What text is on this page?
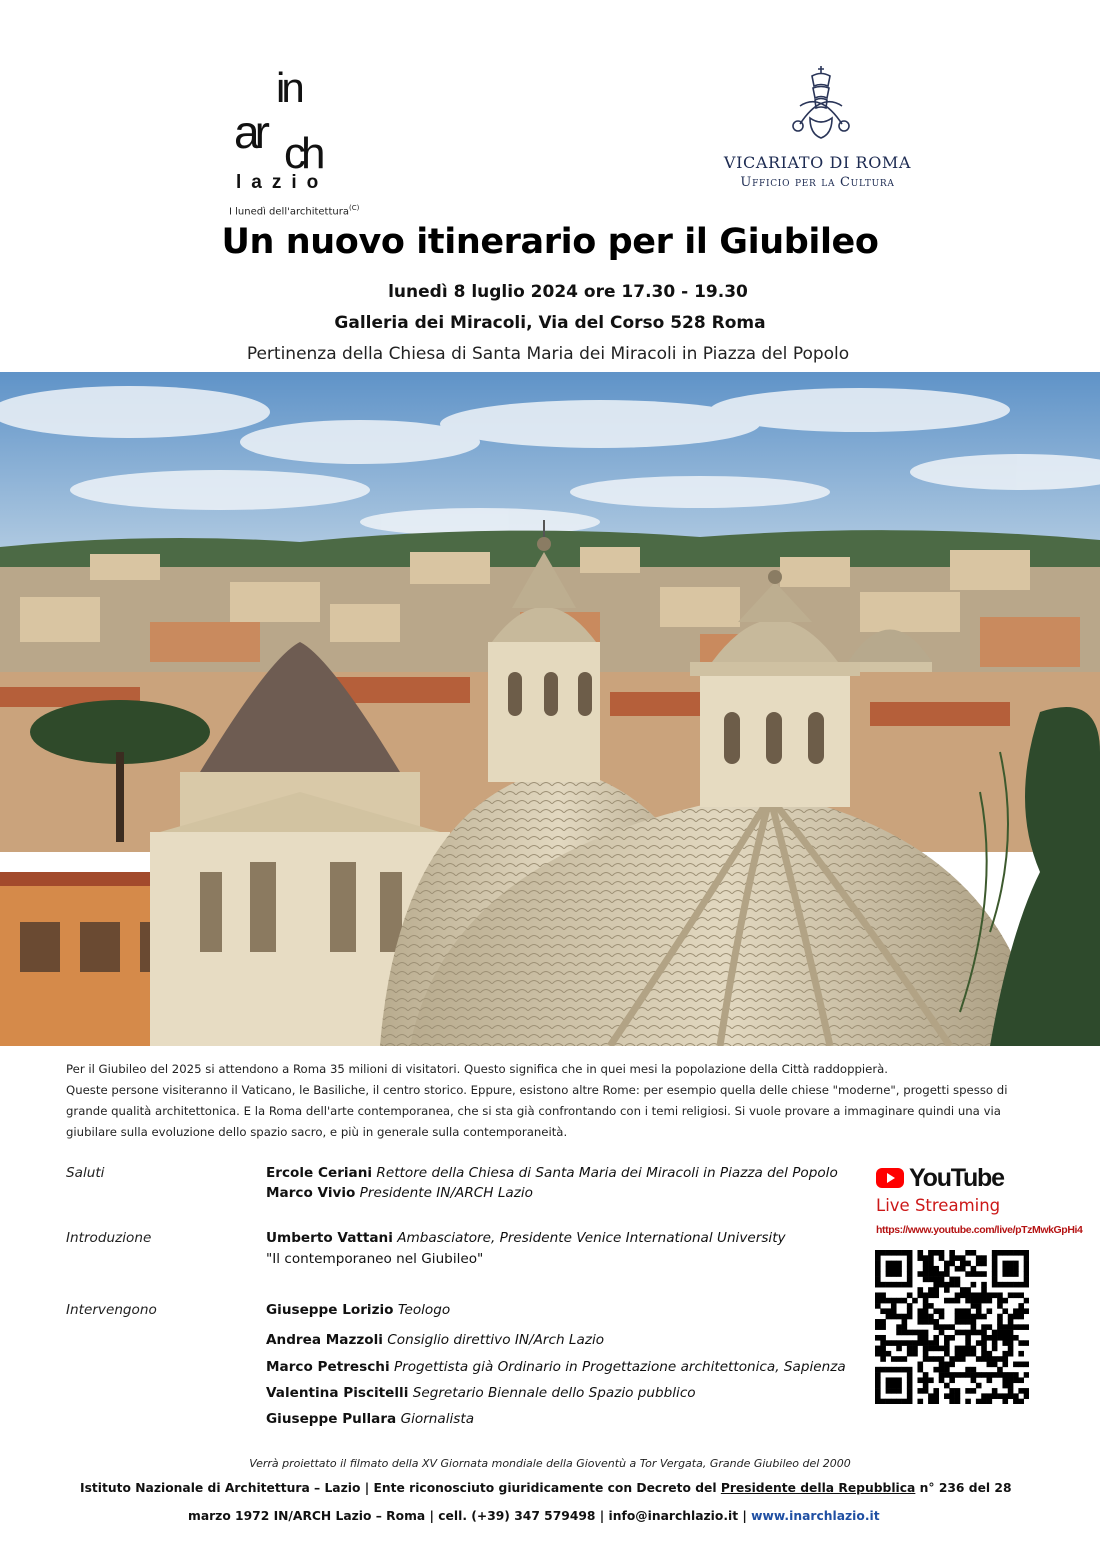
in
ar ch
lazio
I lunedì dell'architettura$^{(C)}$
VICARIATO DI ROMA
Ufficio per la Cultura
Un nuovo itinerario per il Giubileo
lunedì 8 luglio 2024 ore 17.30 - 19.30
Galleria dei Miracoli, Via del Corso 528 Roma
Pertinenza della Chiesa di Santa Maria dei Miracoli in Piazza del Popolo

Per il Giubileo del 2025 si attendono a Roma 35 milioni di visitatori. Questo significa che in quei mesi la popolazione della Città raddoppierà.

Queste persone visiteranno il Vaticano, le Basiliche, il centro storico. Eppure, esistono altre Rome: per esempio quella delle chiese "moderne", progetti spesso di grande qualità architettonica. E la Roma dell'arte contemporanea, che si sta già confrontando con i temi religiosi. Si vuole provare a immaginare quindi una via giubilare sulla evoluzione dello spazio sacro, e più in generale sulla contemporaneità.

Saluti	Ercole Ceriani Rettore della Chiesa di Santa Maria dei Miracoli in Piazza del Popolo
Marco Vivio Presidente IN/ARCH Lazio
Introduzione	Umberto Vattani Ambasciatore, Presidente Venice International University
"Il contemporaneo nel Giubileo"
Intervengono	Giuseppe Lorizio Teologo
Andrea Mazzoli Consiglio direttivo IN/Arch Lazio
Marco Petreschi Progettista già Ordinario in Progettazione architettonica, Sapienza
Valentina Piscitelli Segretario Biennale dello Spazio pubblico
Giuseppe Pullara Giornalista
YouTube
Live Streaming
https://www.youtube.com/live/pTzMwkGpHi4
Verrà proiettato il filmato della XV Giornata mondiale della Gioventù a Tor Vergata, Grande Giubileo del 2000
Istituto Nazionale di Architettura – Lazio | Ente riconosciuto giuridicamente con Decreto del Presidente della Repubblica n° 236 del 28
marzo 1972 IN/ARCH Lazio – Roma | cell. (+39) 347 579498 | info@inarchlazio.it | www.inarchlazio.it
